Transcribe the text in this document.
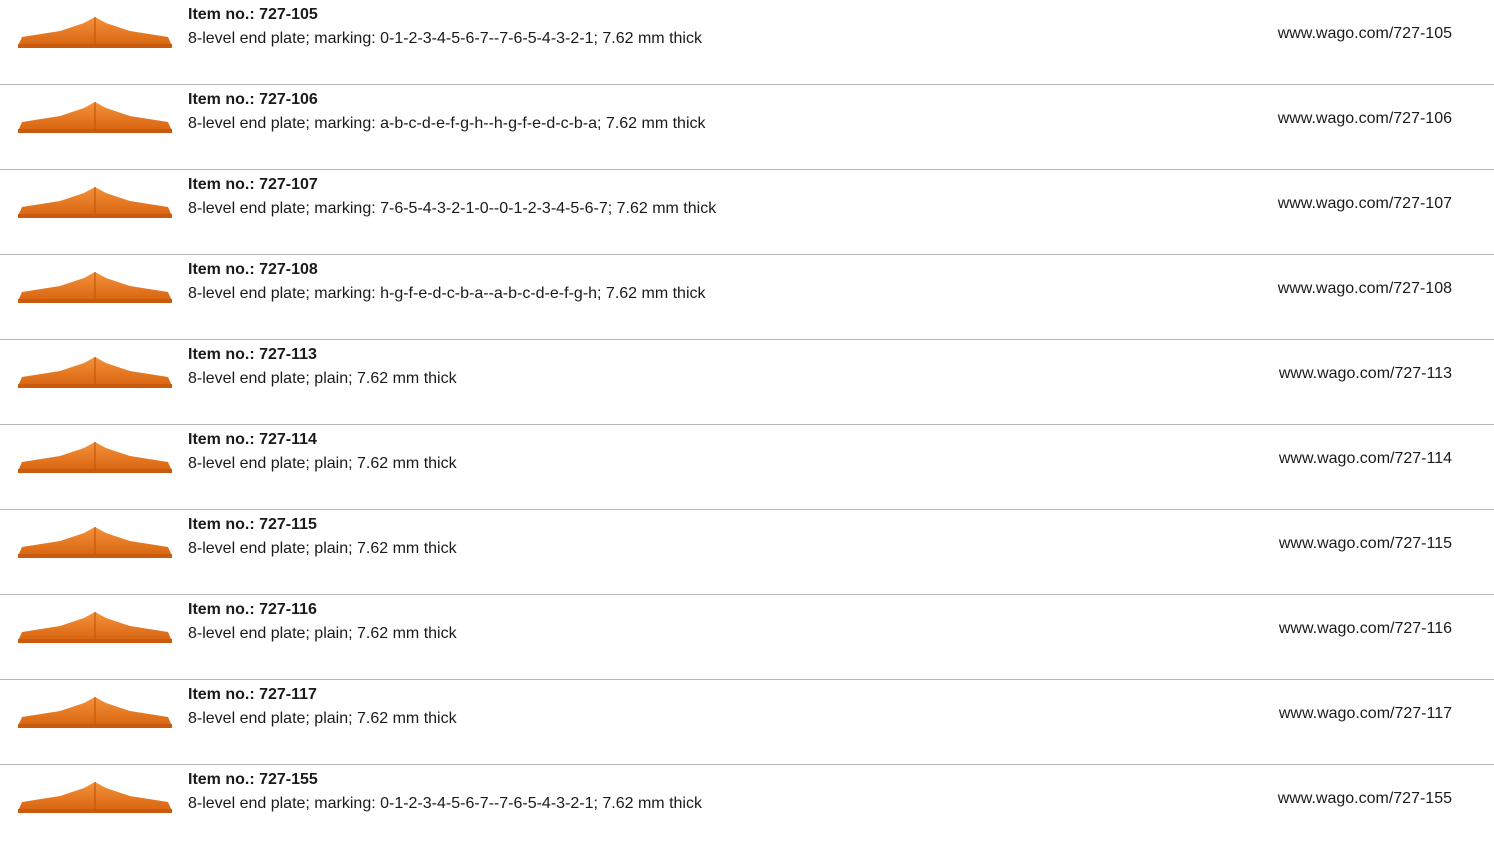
Item no.: 727-105
8-level end plate; marking: 0-1-2-3-4-5-6-7--7-6-5-4-3-2-1; 7.62 mm thick	www.wago.com/727-105
Item no.: 727-106
8-level end plate; marking: a-b-c-d-e-f-g-h--h-g-f-e-d-c-b-a; 7.62 mm thick	www.wago.com/727-106
Item no.: 727-107
8-level end plate; marking: 7-6-5-4-3-2-1-0--0-1-2-3-4-5-6-7; 7.62 mm thick	www.wago.com/727-107
Item no.: 727-108
8-level end plate; marking: h-g-f-e-d-c-b-a--a-b-c-d-e-f-g-h; 7.62 mm thick	www.wago.com/727-108
Item no.: 727-113
8-level end plate; plain; 7.62 mm thick	www.wago.com/727-113
Item no.: 727-114
8-level end plate; plain; 7.62 mm thick	www.wago.com/727-114
Item no.: 727-115
8-level end plate; plain; 7.62 mm thick	www.wago.com/727-115
Item no.: 727-116
8-level end plate; plain; 7.62 mm thick	www.wago.com/727-116
Item no.: 727-117
8-level end plate; plain; 7.62 mm thick	www.wago.com/727-117
Item no.: 727-155
8-level end plate; marking: 0-1-2-3-4-5-6-7--7-6-5-4-3-2-1; 7.62 mm thick	www.wago.com/727-155
